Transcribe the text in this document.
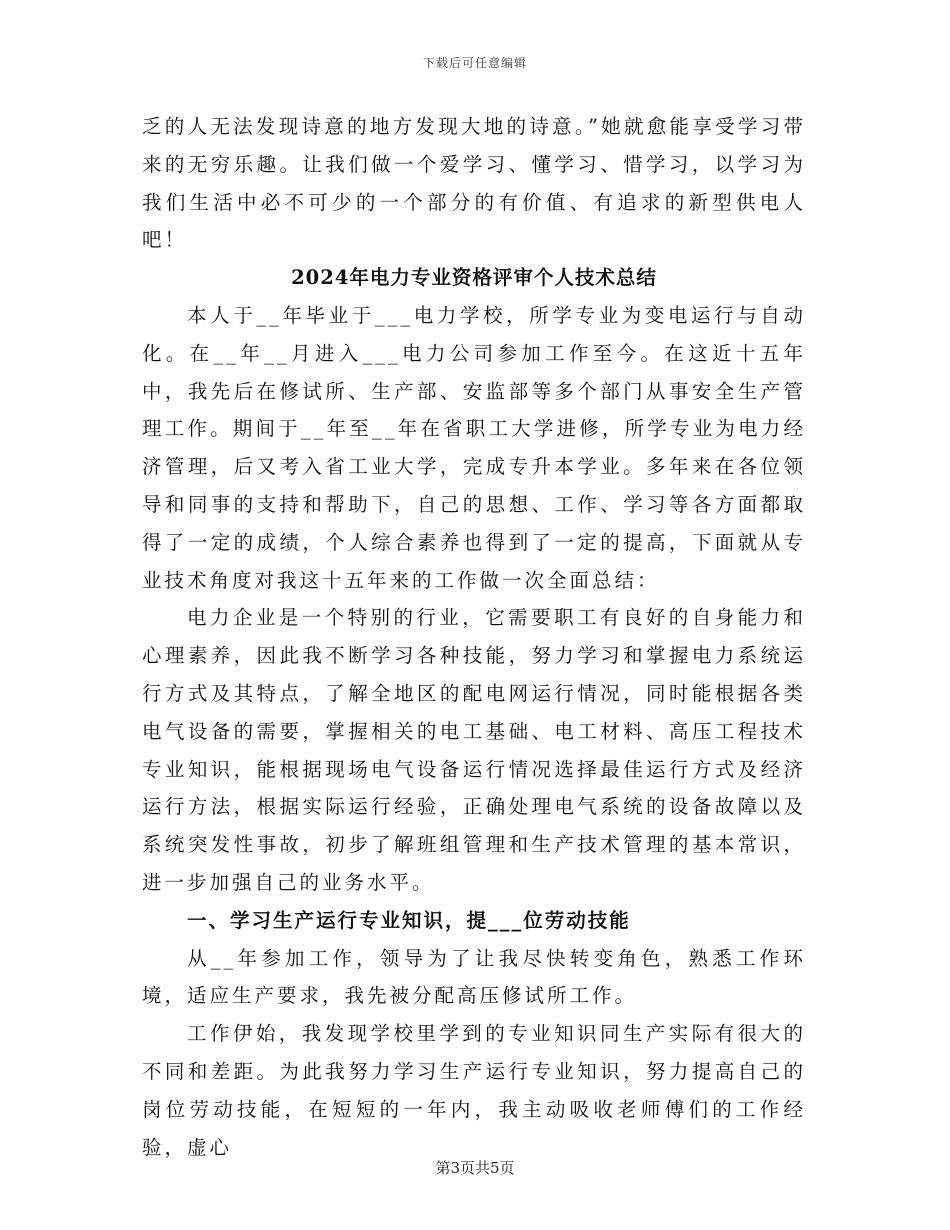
下载后可任意编辑

乏的人无法发现诗意的地方发现大地的诗意。”她就愈能享受学习带来的无穷乐趣。让我们做一个爱学习、懂学习、惜学习，以学习为我们生活中必不可少的一个部分的有价值、有追求的新型供电人吧！

2024年电力专业资格评审个人技术总结

本人于__年毕业于___电力学校，所学专业为变电运行与自动化。在__年__月进入___电力公司参加工作至今。在这近十五年中，我先后在修试所、生产部、安监部等多个部门从事安全生产管理工作。期间于__年至__年在省职工大学进修，所学专业为电力经济管理，后又考入省工业大学，完成专升本学业。多年来在各位领导和同事的支持和帮助下，自己的思想、工作、学习等各方面都取得了一定的成绩，个人综合素养也得到了一定的提高，下面就从专业技术角度对我这十五年来的工作做一次全面总结：

电力企业是一个特别的行业，它需要职工有良好的自身能力和心理素养，因此我不断学习各种技能，努力学习和掌握电力系统运行方式及其特点，了解全地区的配电网运行情况，同时能根据各类电气设备的需要，掌握相关的电工基础、电工材料、高压工程技术专业知识，能根据现场电气设备运行情况选择最佳运行方式及经济运行方法，根据实际运行经验，正确处理电气系统的设备故障以及系统突发性事故，初步了解班组管理和生产技术管理的基本常识，进一步加强自己的业务水平。

一、学习生产运行专业知识，提___位劳动技能

从__年参加工作，领导为了让我尽快转变角色，熟悉工作环境，适应生产要求，我先被分配高压修试所工作。

工作伊始，我发现学校里学到的专业知识同生产实际有很大的不同和差距。为此我努力学习生产运行专业知识，努力提高自己的岗位劳动技能，在短短的一年内，我主动吸收老师傅们的工作经验，虚心

第3页共5页
